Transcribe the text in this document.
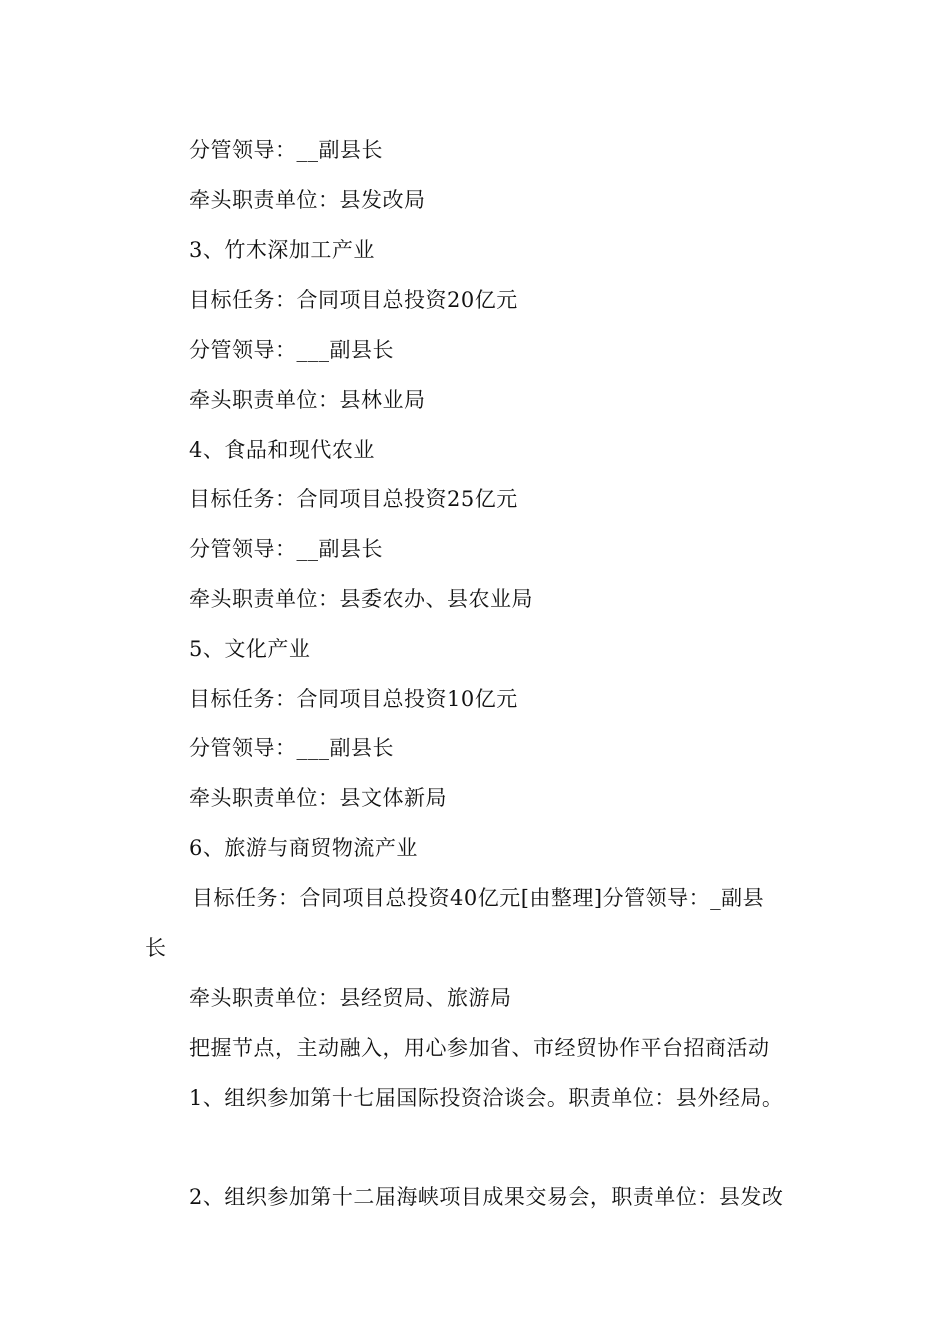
分管领导：__副县长
牵头职责单位：县发改局
3、竹木深加工产业
目标任务：合同项目总投资20亿元
分管领导：___副县长
牵头职责单位：县林业局
4、食品和现代农业
目标任务：合同项目总投资25亿元
分管领导：__副县长
牵头职责单位：县委农办、县农业局
5、文化产业
目标任务：合同项目总投资10亿元
分管领导：___副县长
牵头职责单位：县文体新局
6、旅游与商贸物流产业
目标任务：合同项目总投资40亿元[由整理]分管领导：_副县
长
牵头职责单位：县经贸局、旅游局
把握节点，主动融入，用心参加省、市经贸协作平台招商活动
1、组织参加第十七届国际投资洽谈会。职责单位：县外经局。
2、组织参加第十二届海峡项目成果交易会，职责单位：县发改
